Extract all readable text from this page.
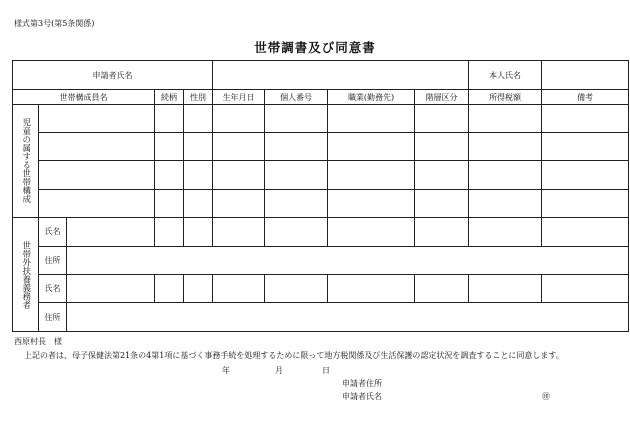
様式第3号(第5条関係)
世帯調書及び同意書
申請者氏名									本人氏名	
世帯構成員名			続柄	性別	生年月日	個人番号	職業(勤務先)	階層区分	所得税額	備考

児童の属する世帯構成										

世帯外扶養義務者	氏名									
	住所									
	氏名									
	住所									
西原村長　様
上記の者は、母子保健法第21条の4第1項に基づく事務手続を処理するために限って地方税関係及び生活保護の認定状況を調査することに同意します。
年	月	日
申請者住所
申請者氏名	㊞
